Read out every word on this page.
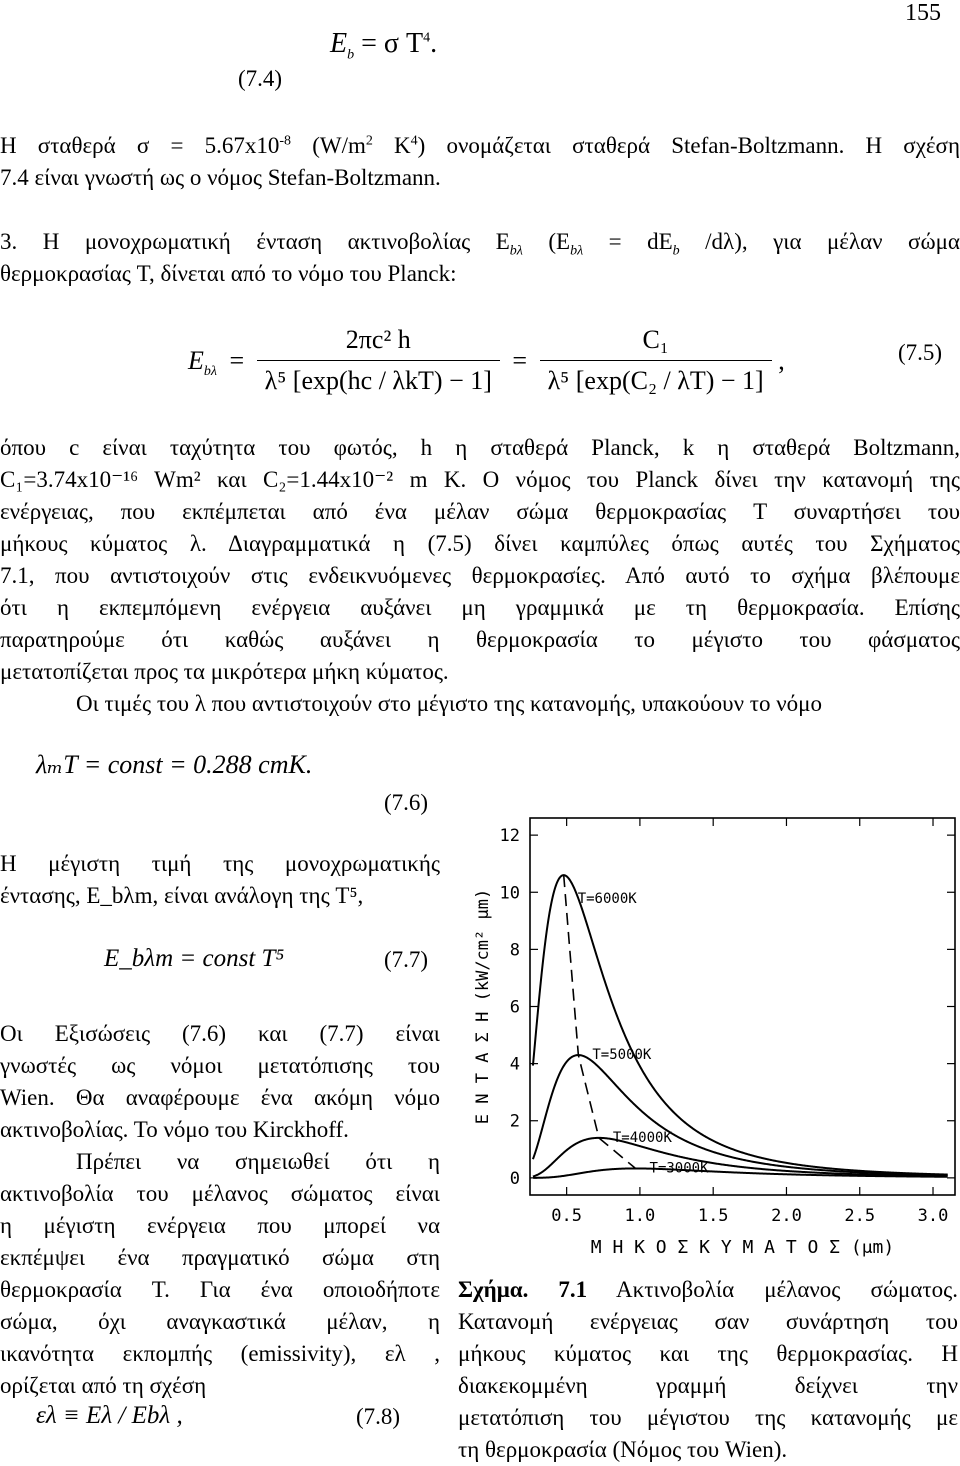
155
$E_b = \sigma$ $T^4$.
(7.4)
Η σταθερά $\sigma = 5.67x10^{-8}$ ($W/m^2$ $K^4$) ονομάζεται σταθερά Stefan-Boltzmann. Η σχέση
7.4 είναι γνωστή ως ο νόμος Stefan-Boltzmann.
3. Η μονοχρωματική ένταση ακτινοβολίας $E_{b\lambda}$ ($E_{b\lambda} = dE_b$ /dλ), για μέλαν σώμα
θερμοκρασίας T, δίνεται από το νόμο του Planck:
$E_{b\lambda} = \frac{\text{2πc² h}}{\text{λ⁵ [exp(hc / λkT) − 1]}} = \frac{\text{C₁}}{\text{λ⁵ [exp(C₂ / λT) − 1]}}$ ,	(7.5)
όπου c είναι ταχύτητα του φωτός, h η σταθερά Planck, k η σταθερά Boltzmann,
C₁=3.74x10⁻¹⁶ Wm² και C₂=1.44x10⁻² m K. Ο νόμος του Planck δίνει την κατανομή της
ενέργειας, που εκπέμπεται από ένα μέλαν σώμα θερμοκρασίας T συναρτήσει του
μήκους κύματος λ. Διαγραμματικά η (7.5) δίνει καμπύλες όπως αυτές του Σχήματος
7.1, που αντιστοιχούν στις ενδεικνυόμενες θερμοκρασίες. Από αυτό το σχήμα βλέπουμε
ότι η εκπεμπόμενη ενέργεια αυξάνει μη γραμμικά με τη θερμοκρασία. Επίσης
παρατηρούμε ότι καθώς αυξάνει η θερμοκρασία το μέγιστο του φάσματος
μετατοπίζεται προς τα μικρότερα μήκη κύματος.
Οι τιμές του λ που αντιστοιχούν στο μέγιστο της κατανομής, υπακούουν το νόμο
λₘT = const = 0.288 cmK.
(7.6)
Η μέγιστη τιμή της μονοχρωματικής
έντασης, E_bλm, είναι ανάλογη της T⁵,
E_bλm = const T⁵	(7.7)
Οι Εξισώσεις (7.6) και (7.7) είναι
γνωστές ως νόμοι μετατόπισης του
Wien. Θα αναφέρουμε ένα ακόμη νόμο
ακτινοβολίας. Το νόμο του Kirckhoff.
Πρέπει να σημειωθεί ότι η
ακτινοβολία του μέλανος σώματος είναι
η μέγιστη ενέργεια που μπορεί να
εκπέμψει ένα πραγματικό σώμα στη
θερμοκρασία T. Για ένα οποιοδήποτε
σώμα, όχι αναγκαστικά μέλαν, η
ικανότητα εκπομπής (emissivity), ελ ,
ορίζεται από τη σχέση
ελ ≡ Eλ / Ebλ ,	(7.8)
0.5	1.0	1.5	2.0	2.5	3.0
0
2
4
6
8
10
12
Μ Η Κ Ο Σ Κ Υ Μ Α Τ Ο Σ (μm)
Ε Ν Τ Α Σ Η (kW/cm² μm)	T=6000K
T=5000K
T=4000K
T=3000K
Σχήμα. 7.1 Ακτινοβολία μέλανος σώματος.
Κατανομή ενέργειας σαν συνάρτηση του
μήκους κύματος και της θερμοκρασίας. Η
διακεκομμένη γραμμή δείχνει την
μετατόπιση του μέγιστου της κατανομής με
τη θερμοκρασία (Νόμος του Wien).
